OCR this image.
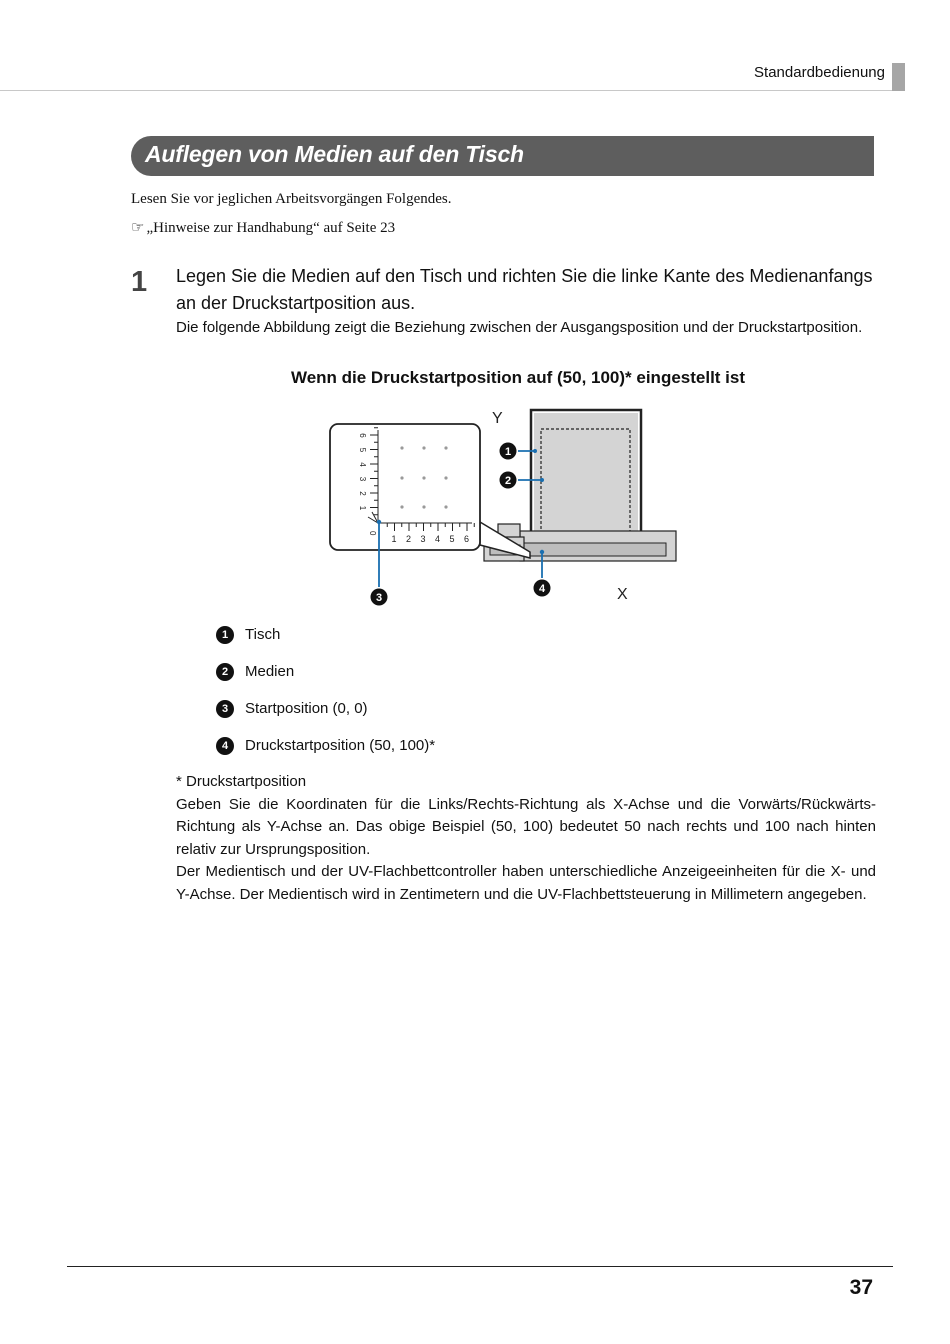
Standardbedienung
Auflegen von Medien auf den Tisch
Lesen Sie vor jeglichen Arbeitsvorgängen Folgendes.
☞ „Hinweise zur Handhabung“ auf Seite 23
1 Legen Sie die Medien auf den Tisch und richten Sie die linke Kante des Medienanfangs an der Druckstartposition aus.
Die folgende Abbildung zeigt die Beziehung zwischen der Ausgangsposition und der Druckstartposition.
Wenn die Druckstartposition auf (50, 100)* eingestellt ist
1
2
3
4
5
6
1 2 3 4 5 6
0
Y
X
1
2
3
4
1	Tisch
2	Medien
3	Startposition (0, 0)
4	Druckstartposition (50, 100)*

* Druckstartposition

Geben Sie die Koordinaten für die Links/Rechts-Richtung als X-Achse und die Vorwärts/Rückwärts-Richtung als Y-Achse an. Das obige Beispiel (50, 100) bedeutet 50 nach rechts und 100 nach hinten relativ zur Ursprungsposition.

Der Medientisch und der UV-Flachbettcontroller haben unterschiedliche Anzeigeeinheiten für die X- und Y-Achse. Der Medientisch wird in Zentimetern und die UV-Flachbettsteuerung in Millimetern angegeben.

37
